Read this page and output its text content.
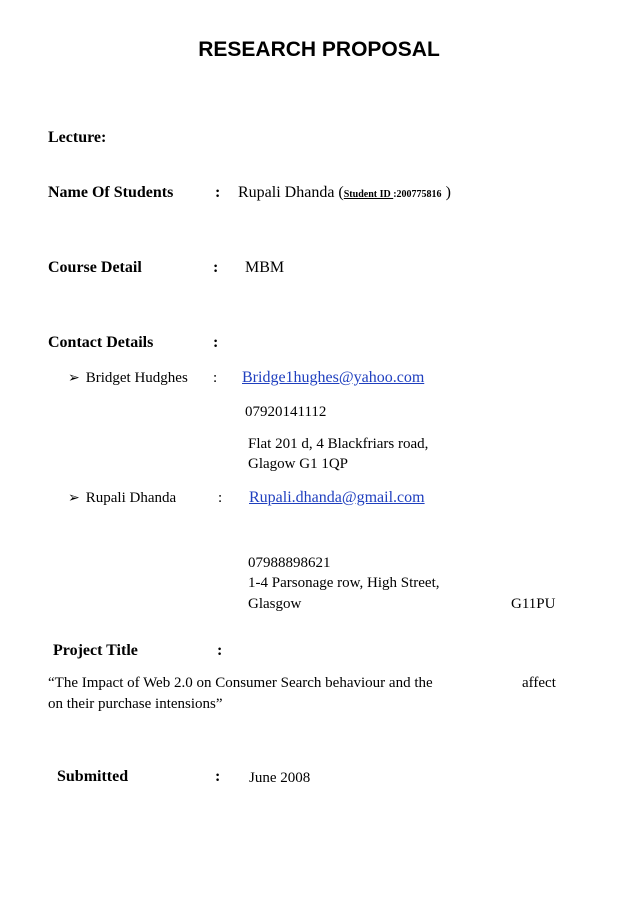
RESEARCH PROPOSAL
Lecture:
Name Of Students	: Rupali Dhanda (Student ID :200775816 )
Course Detail	: MBM
Contact Details	:
➢ Bridget Hudghes : Bridge1hughes@yahoo.com
07920141112
Flat 201 d, 4 Blackfriars road,
Glagow G1 1QP
➢ Rupali Dhanda	: Rupali.dhanda@gmail.com
07988898621
1-4 Parsonage row, High Street,
Glasgow	G11PU
Project Title	:
“The Impact of Web 2.0 on Consumer Search behaviour and the	affect
on their purchase intensions”
Submitted	: June 2008
